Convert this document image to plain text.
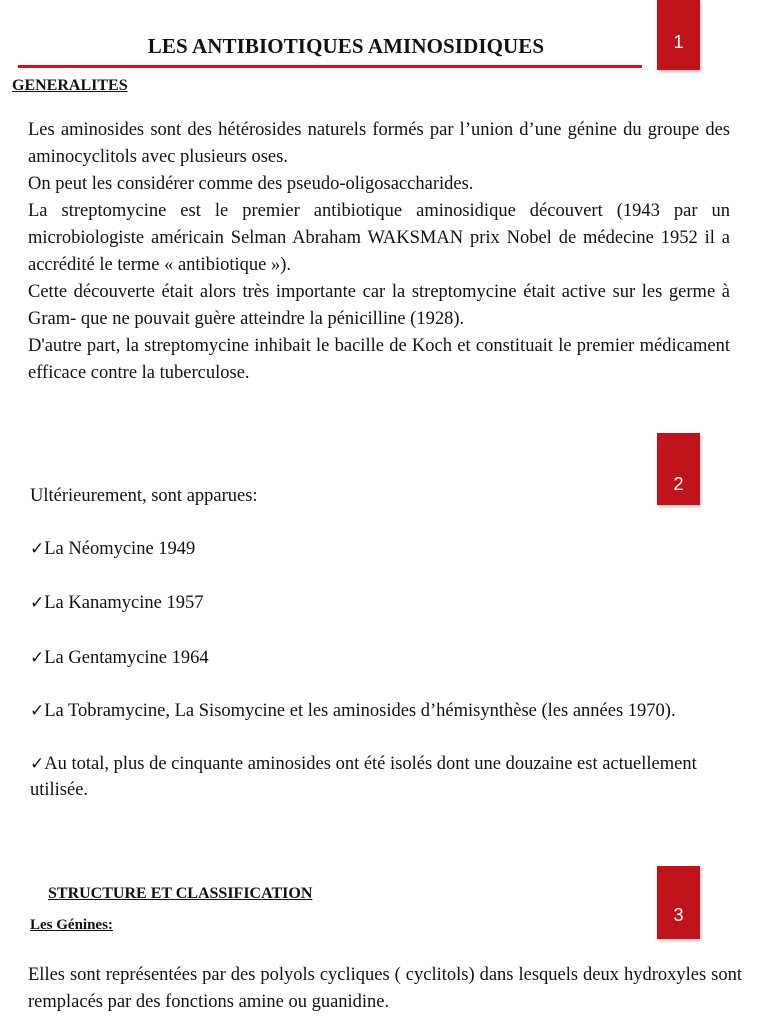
LES ANTIBIOTIQUES AMINOSIDIQUES	1
GENERALITES

Les aminosides sont des hétérosides naturels formés par l’union d’une génine du groupe des aminocyclitols avec plusieurs oses.

On peut les considérer comme des pseudo-oligosaccharides.

La streptomycine est le premier antibiotique aminosidique découvert (1943 par un microbiologiste américain Selman Abraham WAKSMAN prix Nobel de médecine 1952 il a accrédité le terme « antibiotique »).

Cette découverte était alors très importante car la streptomycine était active sur les germe à Gram- que ne pouvait guère atteindre la pénicilline (1928).

D'autre part, la streptomycine inhibait le bacille de Koch et constituait le premier médicament efficace contre la tuberculose.

2
Ultérieurement, sont apparues:
✓La Néomycine 1949
✓La Kanamycine 1957
✓La Gentamycine 1964
✓La Tobramycine, La Sisomycine et les aminosides d’hémisynthèse (les années 1970).
✓Au total, plus de cinquante aminosides ont été isolés dont une douzaine est actuellement utilisée.
3
STRUCTURE ET CLASSIFICATION
Les Génines:
Elles sont représentées par des polyols cycliques ( cyclitols) dans lesquels deux hydroxyles sont remplacés par des fonctions amine ou guanidine.
